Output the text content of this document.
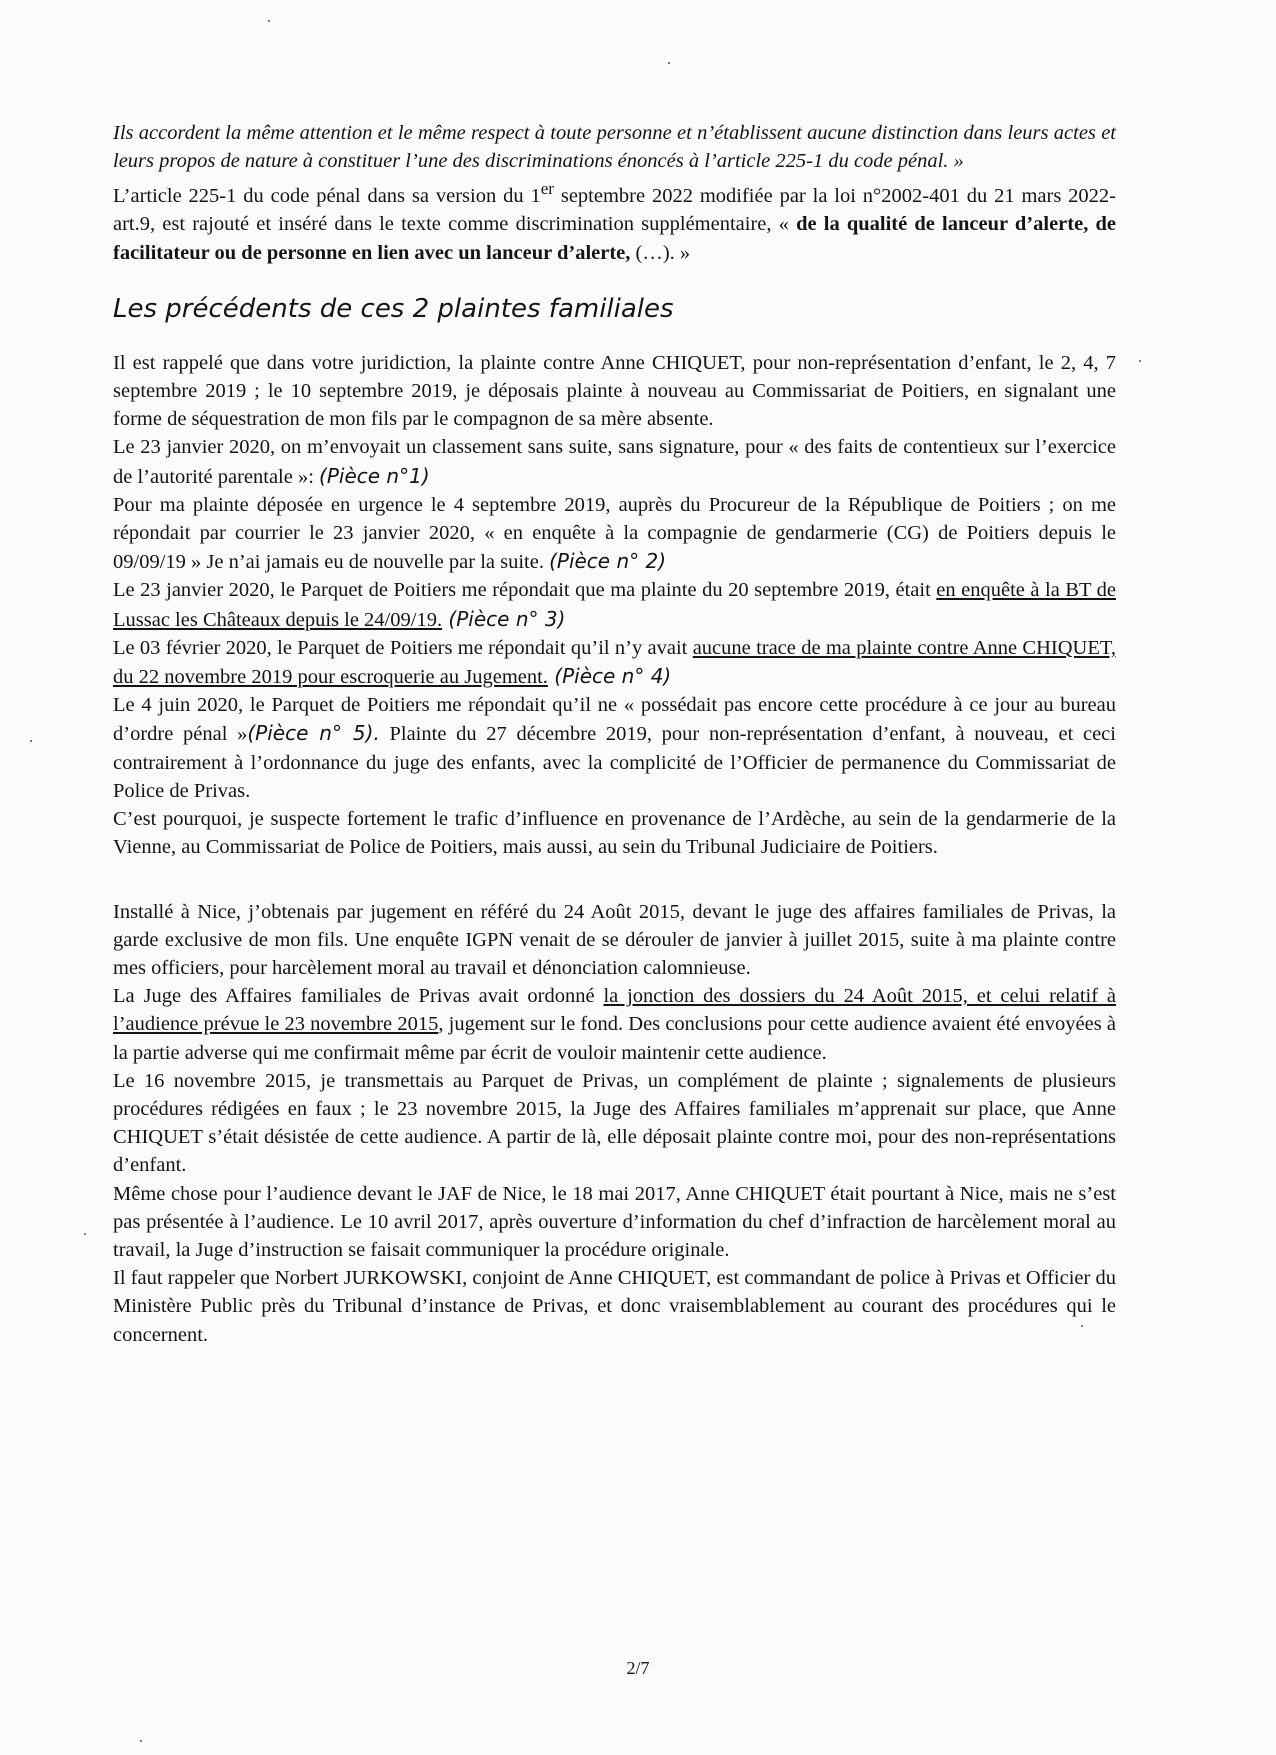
Ils accordent la même attention et le même respect à toute personne et n’établissent aucune distinction dans leurs actes et leurs propos de nature à constituer l’une des discriminations énoncés à l’article 225-1 du code pénal. »

L’article 225-1 du code pénal dans sa version du 1er septembre 2022 modifiée par la loi n°2002-401 du 21 mars 2022-art.9, est rajouté et inséré dans le texte comme discrimination supplémentaire, « de la qualité de lanceur d’alerte, de facilitateur ou de personne en lien avec un lanceur d’alerte, (…). »

Les précédents de ces 2 plaintes familiales

Il est rappelé que dans votre juridiction, la plainte contre Anne CHIQUET, pour non-représentation d’enfant, le 2, 4, 7 septembre 2019 ; le 10 septembre 2019, je déposais plainte à nouveau au Commissariat de Poitiers, en signalant une forme de séquestration de mon fils par le compagnon de sa mère absente.

Le 23 janvier 2020, on m’envoyait un classement sans suite, sans signature, pour « des faits de contentieux sur l’exercice de l’autorité parentale »: (Pièce n°1)

Pour ma plainte déposée en urgence le 4 septembre 2019, auprès du Procureur de la République de Poitiers ; on me répondait par courrier le 23 janvier 2020, « en enquête à la compagnie de gendarmerie (CG) de Poitiers depuis le 09/09/19 » Je n’ai jamais eu de nouvelle par la suite. (Pièce n° 2)

Le 23 janvier 2020, le Parquet de Poitiers me répondait que ma plainte du 20 septembre 2019, était en enquête à la BT de Lussac les Châteaux depuis le 24/09/19. (Pièce n° 3)

Le 03 février 2020, le Parquet de Poitiers me répondait qu’il n’y avait aucune trace de ma plainte contre Anne CHIQUET, du 22 novembre 2019 pour escroquerie au Jugement. (Pièce n° 4)

Le 4 juin 2020, le Parquet de Poitiers me répondait qu’il ne « possédait pas encore cette procédure à ce jour au bureau d’ordre pénal »(Pièce n° 5). Plainte du 27 décembre 2019, pour non-représentation d’enfant, à nouveau, et ceci contrairement à l’ordonnance du juge des enfants, avec la complicité de l’Officier de permanence du Commissariat de Police de Privas.

C’est pourquoi, je suspecte fortement le trafic d’influence en provenance de l’Ardèche, au sein de la gendarmerie de la Vienne, au Commissariat de Police de Poitiers, mais aussi, au sein du Tribunal Judiciaire de Poitiers.

Installé à Nice, j’obtenais par jugement en référé du 24 Août 2015, devant le juge des affaires familiales de Privas, la garde exclusive de mon fils. Une enquête IGPN venait de se dérouler de janvier à juillet 2015, suite à ma plainte contre mes officiers, pour harcèlement moral au travail et dénonciation calomnieuse.

La Juge des Affaires familiales de Privas avait ordonné la jonction des dossiers du 24 Août 2015, et celui relatif à l’audience prévue le 23 novembre 2015, jugement sur le fond. Des conclusions pour cette audience avaient été envoyées à la partie adverse qui me confirmait même par écrit de vouloir maintenir cette audience.

Le 16 novembre 2015, je transmettais au Parquet de Privas, un complément de plainte ; signalements de plusieurs procédures rédigées en faux ; le 23 novembre 2015, la Juge des Affaires familiales m’apprenait sur place, que Anne CHIQUET s’était désistée de cette audience. A partir de là, elle déposait plainte contre moi, pour des non-représentations d’enfant.

Même chose pour l’audience devant le JAF de Nice, le 18 mai 2017, Anne CHIQUET était pourtant à Nice, mais ne s’est pas présentée à l’audience. Le 10 avril 2017, après ouverture d’information du chef d’infraction de harcèlement moral au travail, la Juge d’instruction se faisait communiquer la procédure originale.

Il faut rappeler que Norbert JURKOWSKI, conjoint de Anne CHIQUET, est commandant de police à Privas et Officier du Ministère Public près du Tribunal d’instance de Privas, et donc vraisemblablement au courant des procédures qui le concernent.

2/7
